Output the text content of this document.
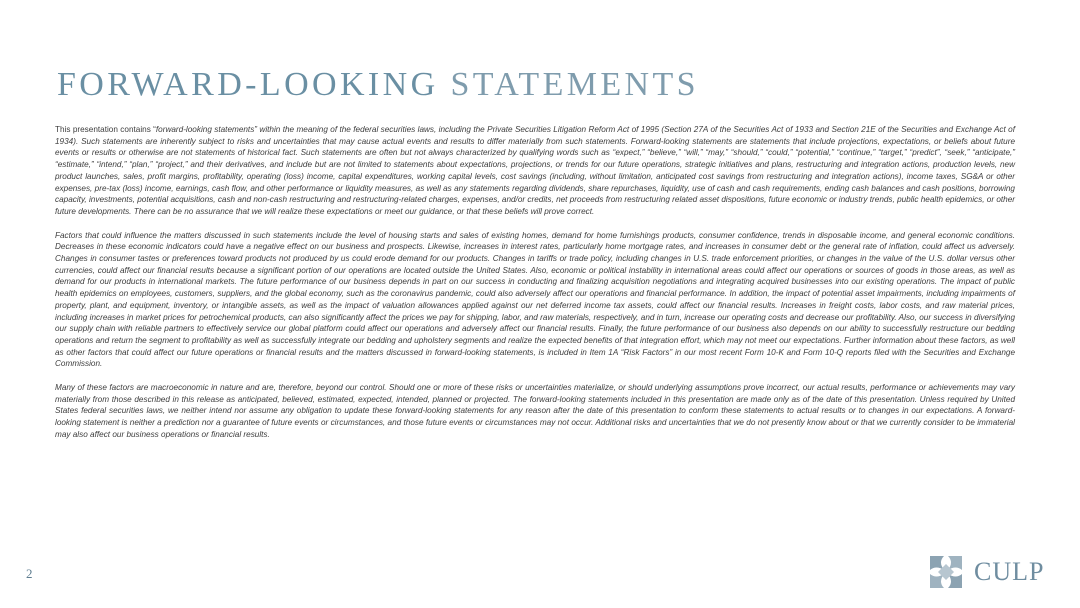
FORWARD-LOOKING STATEMENTS

This presentation contains “forward-looking statements” within the meaning of the federal securities laws, including the Private Securities Litigation Reform Act of 1995 (Section 27A of the Securities Act of 1933 and Section 21E of the Securities and Exchange Act of 1934). Such statements are inherently subject to risks and uncertainties that may cause actual events and results to differ materially from such statements. Forward-looking statements are statements that include projections, expectations, or beliefs about future events or results or otherwise are not statements of historical fact. Such statements are often but not always characterized by qualifying words such as “expect,” “believe,” “will,” “may,” “should,” “could,” “potential,” “continue,” “target,” “predict”, “seek,” “anticipate,” “estimate,” “intend,” “plan,” “project,” and their derivatives, and include but are not limited to statements about expectations, projections, or trends for our future operations, strategic initiatives and plans, restructuring and integration actions, production levels, new product launches, sales, profit margins, profitability, operating (loss) income, capital expenditures, working capital levels, cost savings (including, without limitation, anticipated cost savings from restructuring and integration actions), income taxes, SG&A or other expenses, pre-tax (loss) income, earnings, cash flow, and other performance or liquidity measures, as well as any statements regarding dividends, share repurchases, liquidity, use of cash and cash requirements, ending cash balances and cash positions, borrowing capacity, investments, potential acquisitions, cash and non-cash restructuring and restructuring-related charges, expenses, and/or credits, net proceeds from restructuring related asset dispositions, future economic or industry trends, public health epidemics, or other future developments. There can be no assurance that we will realize these expectations or meet our guidance, or that these beliefs will prove correct.

Factors that could influence the matters discussed in such statements include the level of housing starts and sales of existing homes, demand for home furnishings products, consumer confidence, trends in disposable income, and general economic conditions. Decreases in these economic indicators could have a negative effect on our business and prospects. Likewise, increases in interest rates, particularly home mortgage rates, and increases in consumer debt or the general rate of inflation, could affect us adversely. Changes in consumer tastes or preferences toward products not produced by us could erode demand for our products. Changes in tariffs or trade policy, including changes in U.S. trade enforcement priorities, or changes in the value of the U.S. dollar versus other currencies, could affect our financial results because a significant portion of our operations are located outside the United States. Also, economic or political instability in international areas could affect our operations or sources of goods in those areas, as well as demand for our products in international markets. The future performance of our business depends in part on our success in conducting and finalizing acquisition negotiations and integrating acquired businesses into our existing operations. The impact of public health epidemics on employees, customers, suppliers, and the global economy, such as the coronavirus pandemic, could also adversely affect our operations and financial performance. In addition, the impact of potential asset impairments, including impairments of property, plant, and equipment, inventory, or intangible assets, as well as the impact of valuation allowances applied against our net deferred income tax assets, could affect our financial results. Increases in freight costs, labor costs, and raw material prices, including increases in market prices for petrochemical products, can also significantly affect the prices we pay for shipping, labor, and raw materials, respectively, and in turn, increase our operating costs and decrease our profitability. Also, our success in diversifying our supply chain with reliable partners to effectively service our global platform could affect our operations and adversely affect our financial results. Finally, the future performance of our business also depends on our ability to successfully restructure our bedding operations and return the segment to profitability as well as successfully integrate our bedding and upholstery segments and realize the expected benefits of that integration effort, which may not meet our expectations. Further information about these factors, as well as other factors that could affect our future operations or financial results and the matters discussed in forward-looking statements, is included in Item 1A “Risk Factors” in our most recent Form 10-K and Form 10-Q reports filed with the Securities and Exchange Commission.

Many of these factors are macroeconomic in nature and are, therefore, beyond our control. Should one or more of these risks or uncertainties materialize, or should underlying assumptions prove incorrect, our actual results, performance or achievements may vary materially from those described in this release as anticipated, believed, estimated, expected, intended, planned or projected. The forward-looking statements included in this presentation are made only as of the date of this presentation. Unless required by United States federal securities laws, we neither intend nor assume any obligation to update these forward-looking statements for any reason after the date of this presentation to conform these statements to actual results or to changes in our expectations. A forward-looking statement is neither a prediction nor a guarantee of future events or circumstances, and those future events or circumstances may not occur. Additional risks and uncertainties that we do not presently know about or that we currently consider to be immaterial may also affect our business operations or financial results.

2	CULP
